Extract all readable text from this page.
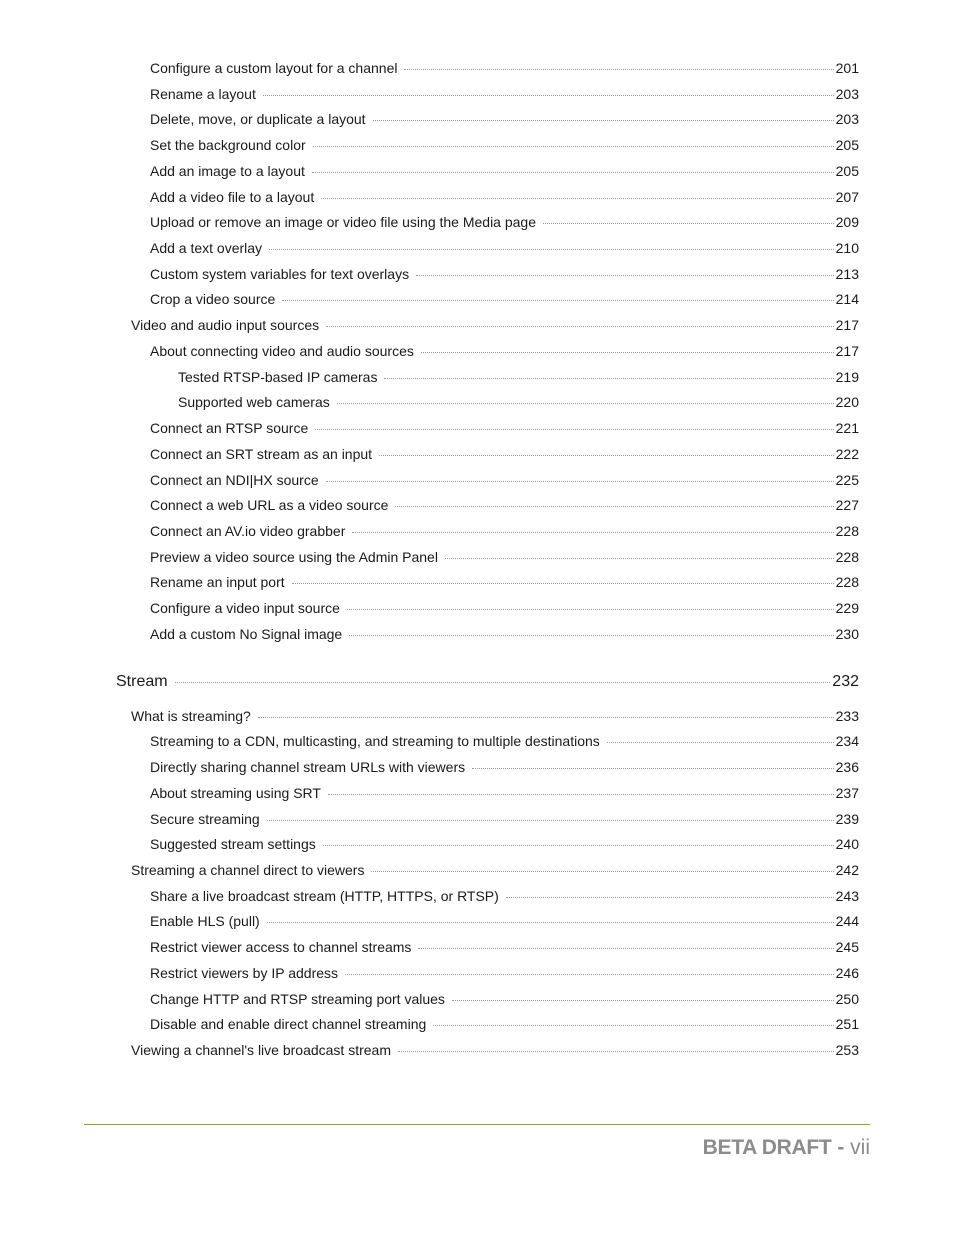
Configure a custom layout for a channel	201
Rename a layout	203
Delete, move, or duplicate a layout	203
Set the background color	205
Add an image to a layout	205
Add a video file to a layout	207
Upload or remove an image or video file using the Media page	209
Add a text overlay	210
Custom system variables for text overlays	213
Crop a video source	214
Video and audio input sources	217
About connecting video and audio sources	217
Tested RTSP-based IP cameras	219
Supported web cameras	220
Connect an RTSP source	221
Connect an SRT stream as an input	222
Connect an NDI|HX source	225
Connect a web URL as a video source	227
Connect an AV.io video grabber	228
Preview a video source using the Admin Panel	228
Rename an input port	228
Configure a video input source	229
Add a custom No Signal image	230
Stream	232
What is streaming?	233
Streaming to a CDN, multicasting, and streaming to multiple destinations	234
Directly sharing channel stream URLs with viewers	236
About streaming using SRT	237
Secure streaming	239
Suggested stream settings	240
Streaming a channel direct to viewers	242
Share a live broadcast stream (HTTP, HTTPS, or RTSP)	243
Enable HLS (pull)	244
Restrict viewer access to channel streams	245
Restrict viewers by IP address	246
Change HTTP and RTSP streaming port values	250
Disable and enable direct channel streaming	251
Viewing a channel's live broadcast stream	253
BETA DRAFT - vii
